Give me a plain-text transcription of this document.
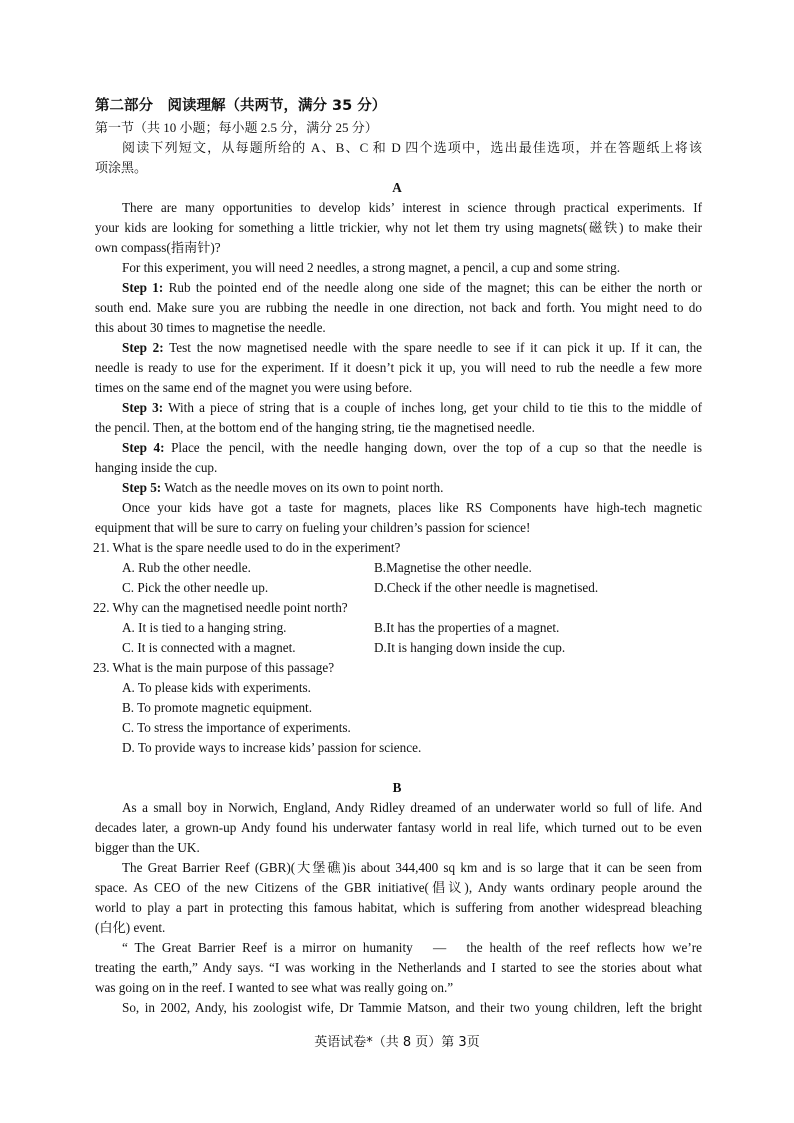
第二部分　阅读理解（共两节，满分 35 分）
第一节（共 10 小题；每小题 2.5 分，满分 25 分）
阅读下列短文，从每题所给的 A、B、C 和 D 四个选项中，选出最佳选项，并在答题纸上将该
项涂黑。
A
There are many opportunities to develop kids’ interest in science through practical experiments. If
your kids are looking for something a little trickier, why not let them try using magnets(磁铁) to make their
own compass(指南针)?
For this experiment, you will need 2 needles, a strong magnet, a pencil, a cup and some string.
Step 1: Rub the pointed end of the needle along one side of the magnet; this can be either the north or
south end. Make sure you are rubbing the needle in one direction, not back and forth. You might need to do
this about 30 times to magnetise the needle.
Step 2: Test the now magnetised needle with the spare needle to see if it can pick it up. If it can, the
needle is ready to use for the experiment. If it doesn’t pick it up, you will need to rub the needle a few more
times on the same end of the magnet you were using before.
Step 3: With a piece of string that is a couple of inches long, get your child to tie this to the middle of
the pencil. Then, at the bottom end of the hanging string, tie the magnetised needle.
Step 4: Place the pencil, with the needle hanging down, over the top of a cup so that the needle is
hanging inside the cup.
Step 5: Watch as the needle moves on its own to point north.
Once your kids have got a taste for magnets, places like RS Components have high-tech magnetic
equipment that will be sure to carry on fueling your children’s passion for science!
21. What is the spare needle used to do in the experiment?
A. Rub the other needle.	B.Magnetise the other needle.
C. Pick the other needle up.	D.Check if the other needle is magnetised.
22. Why can the magnetised needle point north?
A. It is tied to a hanging string.	B.It has the properties of a magnet.
C. It is connected with a magnet.	D.It is hanging down inside the cup.
23. What is the main purpose of this passage?
A. To please kids with experiments.
B. To promote magnetic equipment.
C. To stress the importance of experiments.
D. To provide ways to increase kids’ passion for science.
B
As a small boy in Norwich, England, Andy Ridley dreamed of an underwater world so full of life. And
decades later, a grown-up Andy found his underwater fantasy world in real life, which turned out to be even
bigger than the UK.
The Great Barrier Reef (GBR)(大堡礁)is about 344,400 sq km and is so large that it can be seen from
space. As CEO of the new Citizens of the GBR initiative(倡议), Andy wants ordinary people around the
world to play a part in protecting this famous habitat, which is suffering from another widespread bleaching
(白化) event.
“ The Great Barrier Reef is a mirror on humanity　—　the health of the reef reflects how we’re
treating the earth,” Andy says. “I was working in the Netherlands and I started to see the stories about what
was going on in the reef. I wanted to see what was really going on.”
So, in 2002, Andy, his zoologist wife, Dr Tammie Matson, and their two young children, left the bright
英语试卷*（共 8 页）第 3页
